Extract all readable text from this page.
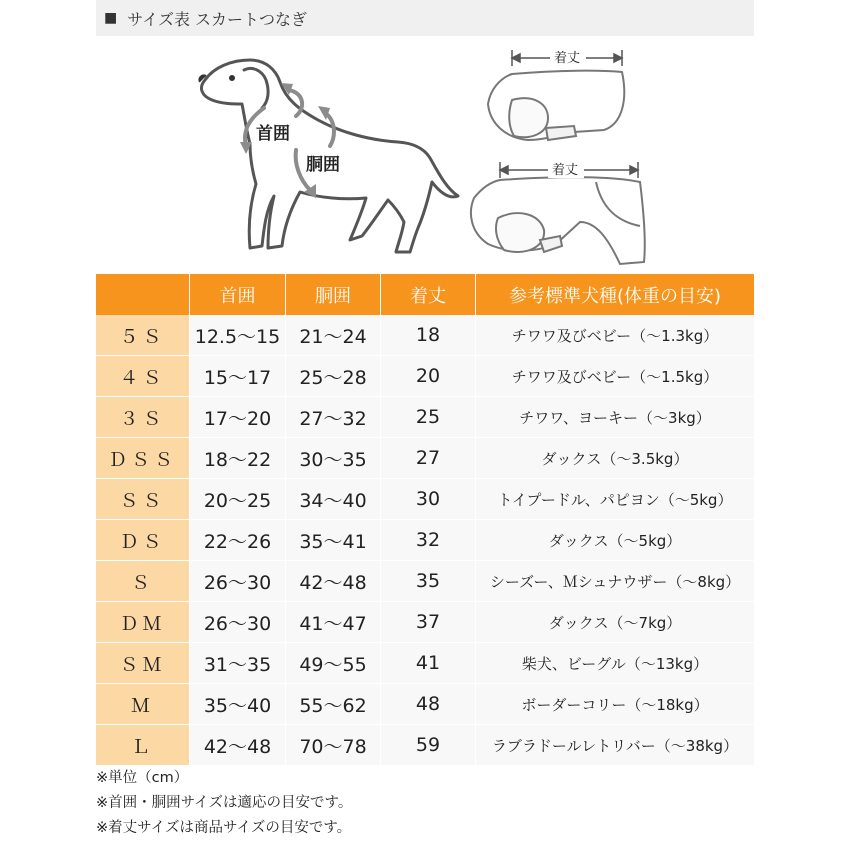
■ サイズ表 スカートつなぎ
首囲
胴囲
着丈
着丈
	首囲	胴囲	着丈	参考標準犬種(体重の目安)
５Ｓ	12.5～15	21～24	18	チワワ及びベビー（～1.3kg）
４Ｓ	15～17	25～28	20	チワワ及びベビー（～1.5kg）
３Ｓ	17～20	27～32	25	チワワ、ヨーキー（～3kg）
ＤＳＳ	18～22	30～35	27	ダックス（～3.5kg）
ＳＳ	20～25	34～40	30	トイプードル、パピヨン（～5kg）
ＤＳ	22～26	35～41	32	ダックス（～5kg）
Ｓ	26～30	42～48	35	シーズー、Ｍシュナウザー（～8kg）
ＤＭ	26～30	41～47	37	ダックス（～7kg）
ＳＭ	31～35	49～55	41	柴犬、ビーグル（～13kg）
Ｍ	35～40	55～62	48	ボーダーコリー（～18kg）
Ｌ	42～48	70～78	59	ラブラドールレトリバー（～38kg）
※単位（cm）
※首囲・胴囲サイズは適応の目安です。
※着丈サイズは商品サイズの目安です。
